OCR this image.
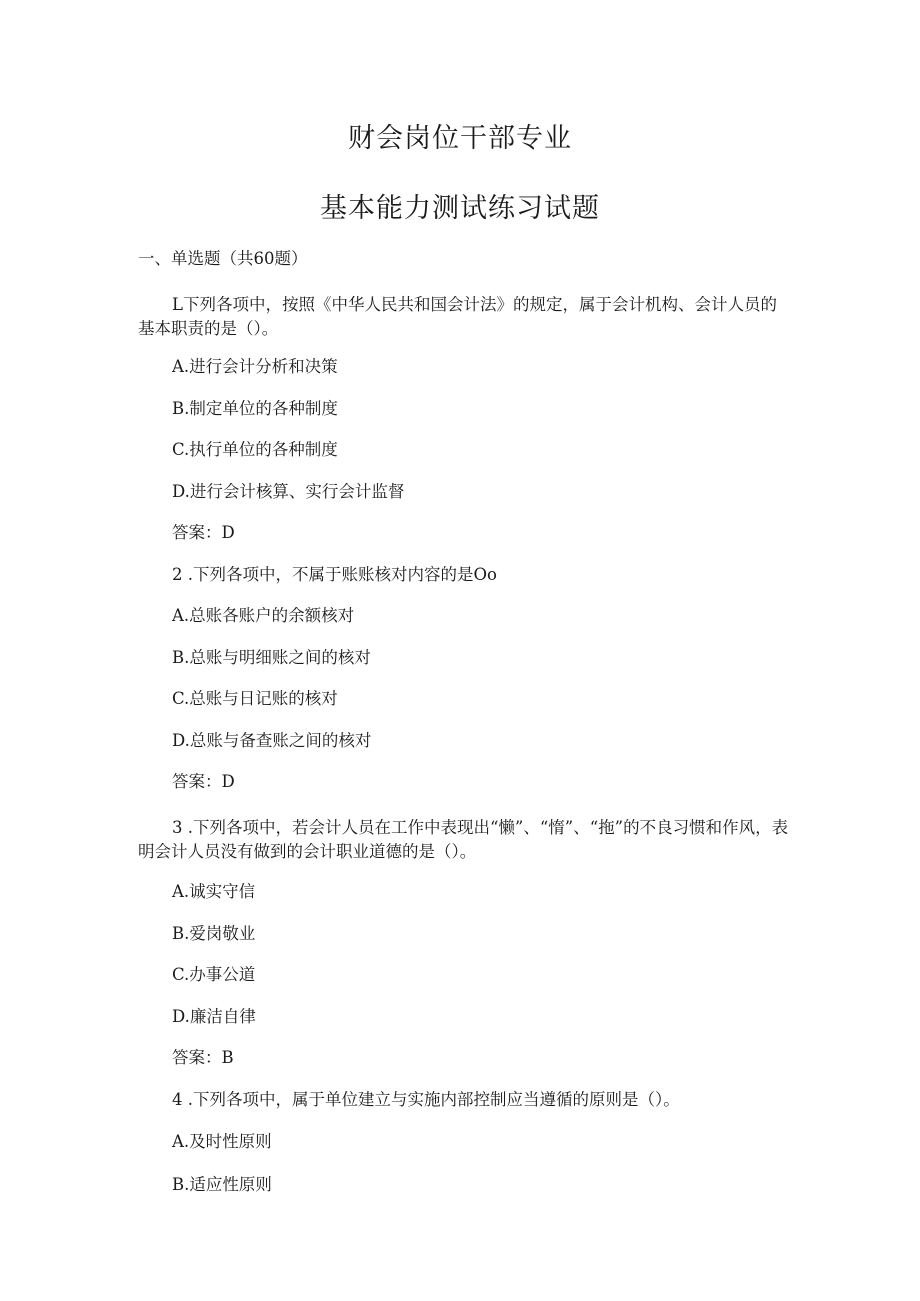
财会岗位干部专业
基本能力测试练习试题
一、单选题（共60题）
L下列各项中，按照《中华人民共和国会计法》的规定，属于会计机构、会计人员的基本职责的是（）。
A.进行会计分析和决策
B.制定单位的各种制度
C.执行单位的各种制度
D.进行会计核算、实行会计监督
答案：D
2 .下列各项中，不属于账账核对内容的是Oo
A.总账各账户的余额核对
B.总账与明细账之间的核对
C.总账与日记账的核对
D.总账与备查账之间的核对
答案：D
3 .下列各项中，若会计人员在工作中表现出“懒”、“惰”、“拖”的不良习惯和作风，表明会计人员没有做到的会计职业道德的是（）。
A.诚实守信
B.爱岗敬业
C.办事公道
D.廉洁自律
答案：B
4 .下列各项中，属于单位建立与实施内部控制应当遵循的原则是（）。
A.及时性原则
B.适应性原则
